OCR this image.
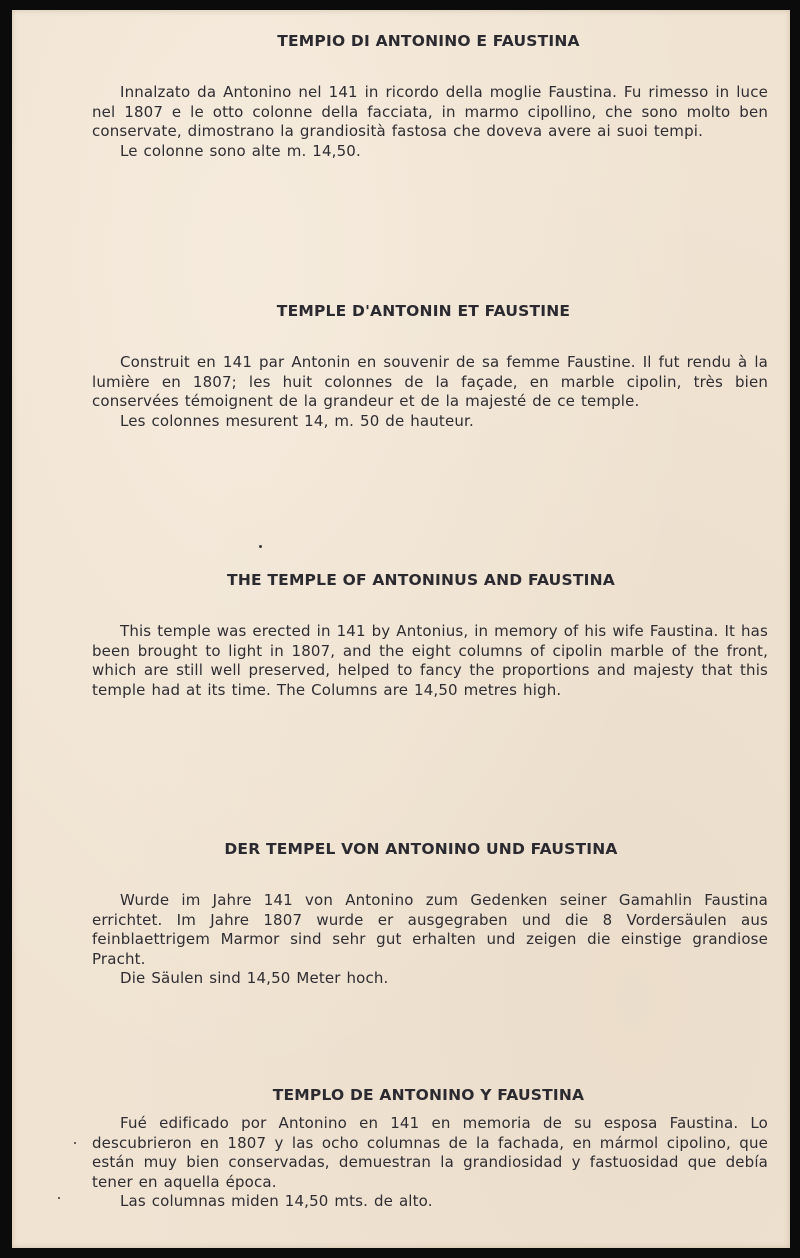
TEMPIO DI ANTONINO E FAUSTINA

Innalzato da Antonino nel 141 in ricordo della moglie Faustina. Fu rimesso in luce nel 1807 e le otto colonne della facciata, in marmo cipollino, che sono molto ben conservate, dimostrano la grandiosità fastosa che doveva avere ai suoi tempi.

Le colonne sono alte m. 14,50.

TEMPLE D'ANTONIN ET FAUSTINE

Construit en 141 par Antonin en souvenir de sa femme Faustine. Il fut rendu à la lumière en 1807; les huit colonnes de la façade, en marble cipolin, très bien conservées témoignent de la grandeur et de la majesté de ce temple.

Les colonnes mesurent 14, m. 50 de hauteur.

THE TEMPLE OF ANTONINUS AND FAUSTINA

This temple was erected in 141 by Antonius, in memory of his wife Faustina. It has been brought to light in 1807, and the eight columns of cipolin marble of the front, which are still well preserved, helped to fancy the proportions and majesty that this temple had at its time. The Columns are 14,50 metres high.

DER TEMPEL VON ANTONINO UND FAUSTINA

Wurde im Jahre 141 von Antonino zum Gedenken seiner Gamahlin Faustina errichtet. Im Jahre 1807 wurde er ausgegraben und die 8 Vordersäulen aus feinblaettrigem Marmor sind sehr gut erhalten und zeigen die einstige grandiose Pracht.

Die Säulen sind 14,50 Meter hoch.

TEMPLO DE ANTONINO Y FAUSTINA

Fué edificado por Antonino en 141 en memoria de su esposa Faustina. Lo descubrieron en 1807 y las ocho columnas de la fachada, en mármol cipolino, que están muy bien conservadas, demuestran la grandiosidad y fastuosidad que debía tener en aquella época.

Las columnas miden 14,50 mts. de alto.
